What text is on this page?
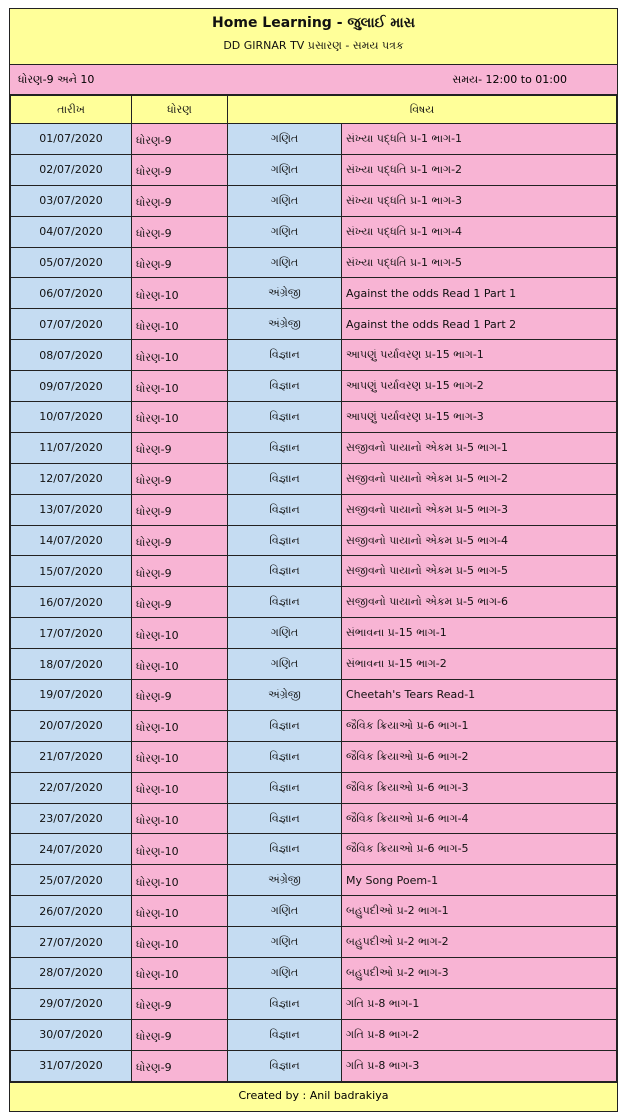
Home Learning - જુલાઈ માસ
DD GIRNAR TV પ્રસારણ - સમય પત્રક
ધોરણ-9 અને 10	સમય- 12:00 to 01:00
તારીખ	ધોરણ	વિષય	
01/07/2020	ધોરણ-9	ગણિત	સંખ્યા પદ્ધતિ પ્ર-1 ભાગ-1
02/07/2020	ધોરણ-9	ગણિત	સંખ્યા પદ્ધતિ પ્ર-1 ભાગ-2
03/07/2020	ધોરણ-9	ગણિત	સંખ્યા પદ્ધતિ પ્ર-1 ભાગ-3
04/07/2020	ધોરણ-9	ગણિત	સંખ્યા પદ્ધતિ પ્ર-1 ભાગ-4
05/07/2020	ધોરણ-9	ગણિત	સંખ્યા પદ્ધતિ પ્ર-1 ભાગ-5
06/07/2020	ધોરણ-10	અંગ્રેજી	Against the odds Read 1 Part 1
07/07/2020	ધોરણ-10	અંગ્રેજી	Against the odds Read 1 Part 2
08/07/2020	ધોરણ-10	વિજ્ઞાન	આપણું પર્યાવરણ પ્ર-15 ભાગ-1
09/07/2020	ધોરણ-10	વિજ્ઞાન	આપણું પર્યાવરણ પ્ર-15 ભાગ-2
10/07/2020	ધોરણ-10	વિજ્ઞાન	આપણું પર્યાવરણ પ્ર-15 ભાગ-3
11/07/2020	ધોરણ-9	વિજ્ઞાન	સજીવનો પાયાનો એકમ પ્ર-5 ભાગ-1
12/07/2020	ધોરણ-9	વિજ્ઞાન	સજીવનો પાયાનો એકમ પ્ર-5 ભાગ-2
13/07/2020	ધોરણ-9	વિજ્ઞાન	સજીવનો પાયાનો એકમ પ્ર-5 ભાગ-3
14/07/2020	ધોરણ-9	વિજ્ઞાન	સજીવનો પાયાનો એકમ પ્ર-5 ભાગ-4
15/07/2020	ધોરણ-9	વિજ્ઞાન	સજીવનો પાયાનો એકમ પ્ર-5 ભાગ-5
16/07/2020	ધોરણ-9	વિજ્ઞાન	સજીવનો પાયાનો એકમ પ્ર-5 ભાગ-6
17/07/2020	ધોરણ-10	ગણિત	સંભાવના પ્ર-15 ભાગ-1
18/07/2020	ધોરણ-10	ગણિત	સંભાવના પ્ર-15 ભાગ-2
19/07/2020	ધોરણ-9	અંગ્રેજી	Cheetah's Tears Read-1
20/07/2020	ધોરણ-10	વિજ્ઞાન	જૈવિક ક્રિયાઓ પ્ર-6 ભાગ-1
21/07/2020	ધોરણ-10	વિજ્ઞાન	જૈવિક ક્રિયાઓ પ્ર-6 ભાગ-2
22/07/2020	ધોરણ-10	વિજ્ઞાન	જૈવિક ક્રિયાઓ પ્ર-6 ભાગ-3
23/07/2020	ધોરણ-10	વિજ્ઞાન	જૈવિક ક્રિયાઓ પ્ર-6 ભાગ-4
24/07/2020	ધોરણ-10	વિજ્ઞાન	જૈવિક ક્રિયાઓ પ્ર-6 ભાગ-5
25/07/2020	ધોરણ-10	અંગ્રેજી	My Song Poem-1
26/07/2020	ધોરણ-10	ગણિત	બહુપદીઓ પ્ર-2 ભાગ-1
27/07/2020	ધોરણ-10	ગણિત	બહુપદીઓ પ્ર-2 ભાગ-2
28/07/2020	ધોરણ-10	ગણિત	બહુપદીઓ પ્ર-2 ભાગ-3
29/07/2020	ધોરણ-9	વિજ્ઞાન	ગતિ પ્ર-8 ભાગ-1
30/07/2020	ધોરણ-9	વિજ્ઞાન	ગતિ પ્ર-8 ભાગ-2
31/07/2020	ધોરણ-9	વિજ્ઞાન	ગતિ પ્ર-8 ભાગ-3
Created by : Anil badrakiya
